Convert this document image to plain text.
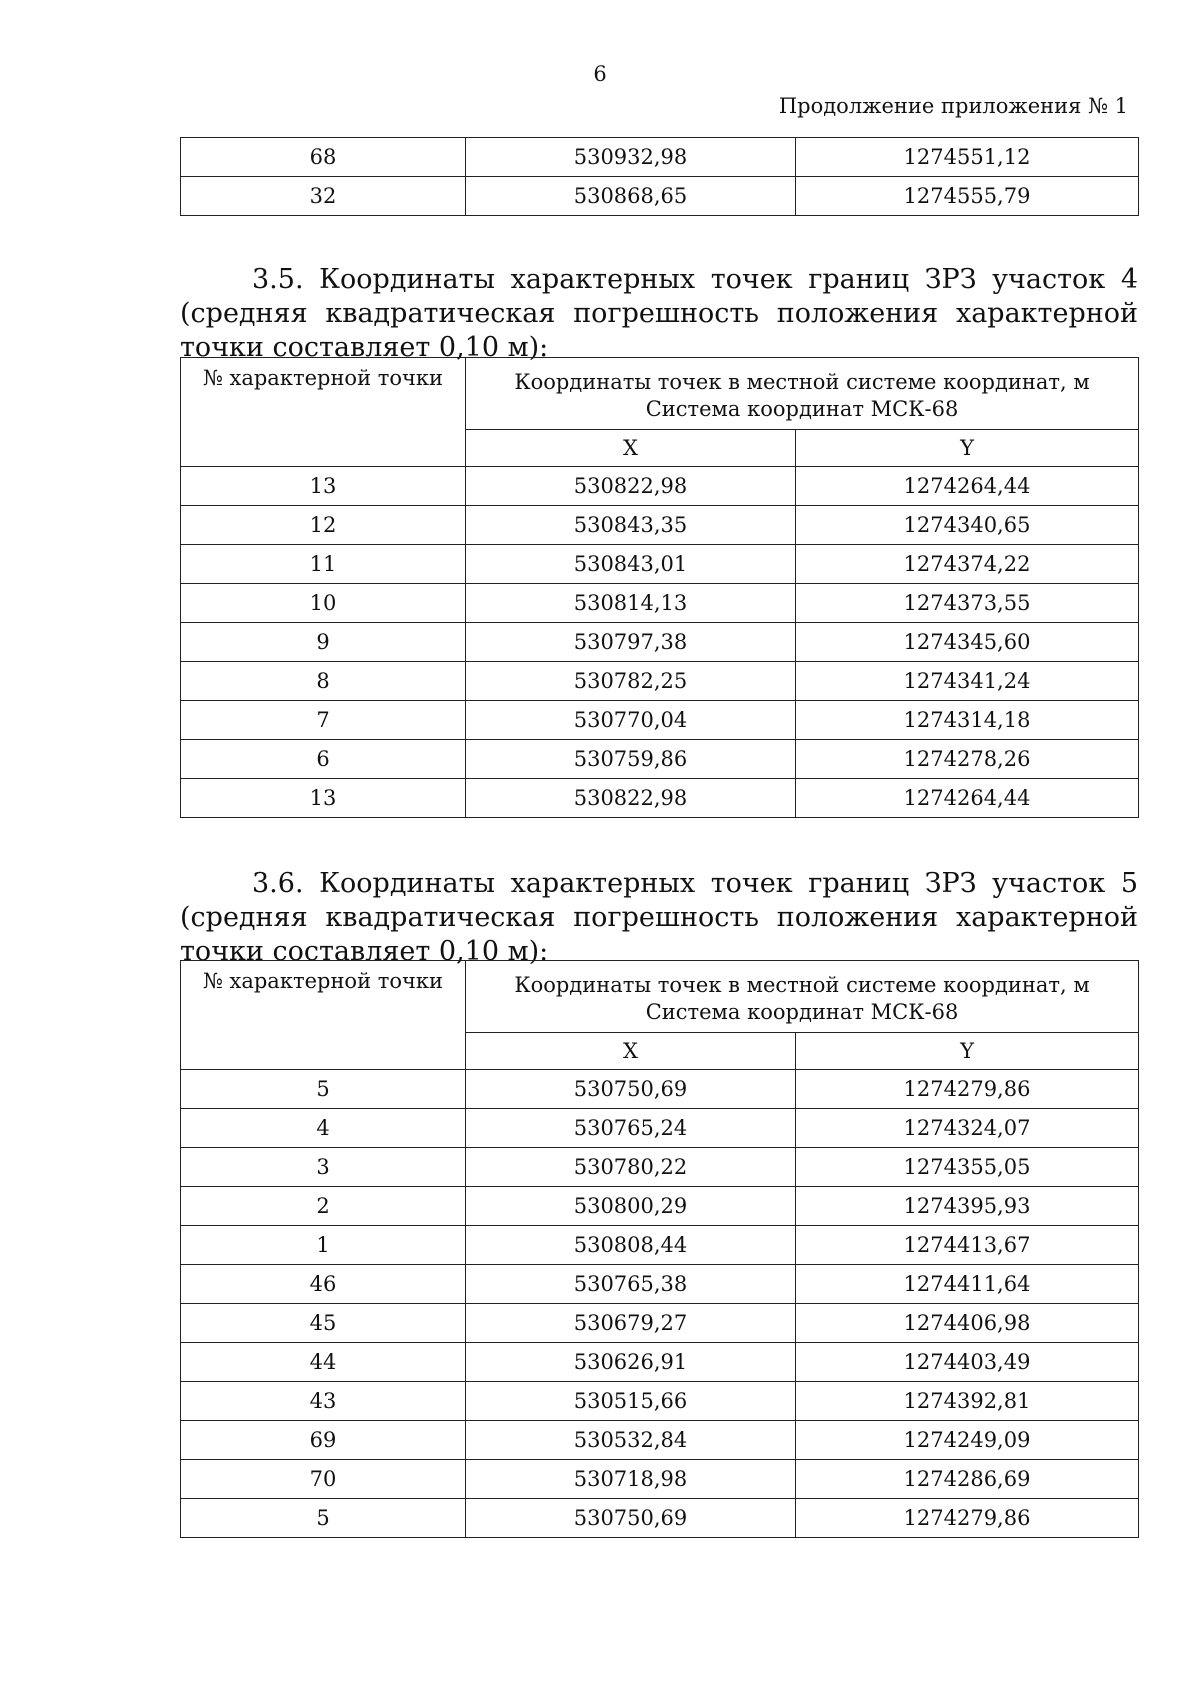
6
Продолжение приложения № 1
68	530932,98	1274551,12
32	530868,65	1274555,79

3.5. Координаты характерных точек границ ЗРЗ участок 4 (средняя квадратическая погрешность положения характерной точки составляет 0,10 м):

№ характерной точки	Координаты точек в местной системе координат, м
Система координат МСК-68	

	X	Y
13	530822,98	1274264,44
12	530843,35	1274340,65
11	530843,01	1274374,22
10	530814,13	1274373,55
9	530797,38	1274345,60
8	530782,25	1274341,24
7	530770,04	1274314,18
6	530759,86	1274278,26
13	530822,98	1274264,44

3.6. Координаты характерных точек границ ЗРЗ участок 5 (средняя квадратическая погрешность положения характерной точки составляет 0,10 м):

№ характерной точки	Координаты точек в местной системе координат, м
Система координат МСК-68	

	X	Y
5	530750,69	1274279,86
4	530765,24	1274324,07
3	530780,22	1274355,05
2	530800,29	1274395,93
1	530808,44	1274413,67
46	530765,38	1274411,64
45	530679,27	1274406,98
44	530626,91	1274403,49
43	530515,66	1274392,81
69	530532,84	1274249,09
70	530718,98	1274286,69
5	530750,69	1274279,86
